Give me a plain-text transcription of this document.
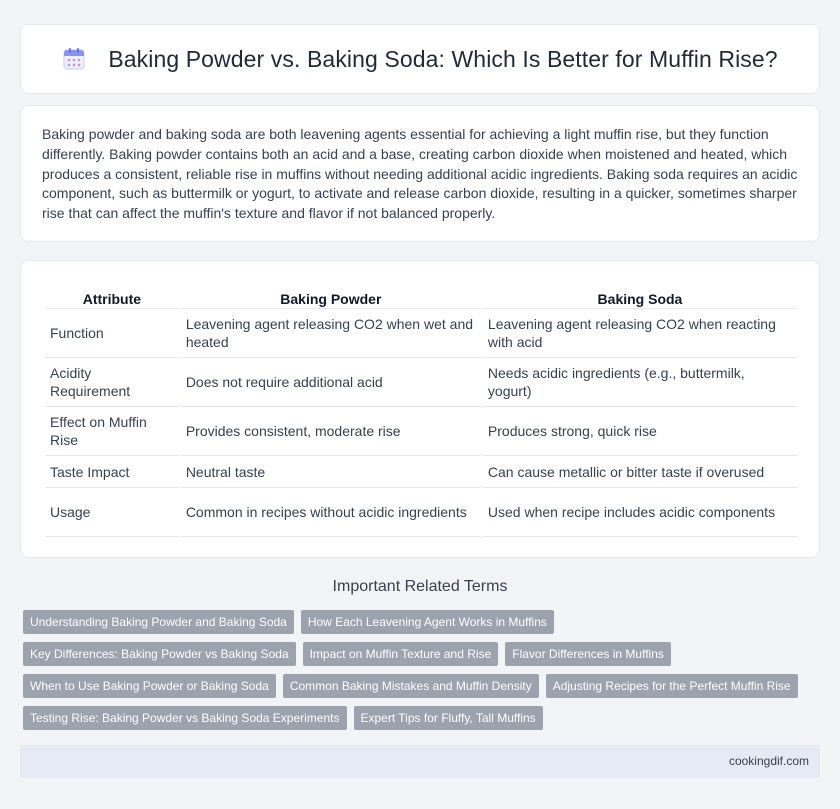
Baking Powder vs. Baking Soda: Which Is Better for Muffin Rise?

Baking powder and baking soda are both leavening agents essential for achieving a light muffin rise, but they function differently. Baking powder contains both an acid and a base, creating carbon dioxide when moistened and heated, which produces a consistent, reliable rise in muffins without needing additional acidic ingredients. Baking soda requires an acidic component, such as buttermilk or yogurt, to activate and release carbon dioxide, resulting in a quicker, sometimes sharper rise that can affect the muffin's texture and flavor if not balanced properly.

Attribute	Baking Powder	Baking Soda
Function	Leavening agent releasing CO2 when wet and heated	Leavening agent releasing CO2 when reacting with acid
Acidity Requirement	Does not require additional acid	Needs acidic ingredients (e.g., buttermilk, yogurt)
Effect on Muffin Rise	Provides consistent, moderate rise	Produces strong, quick rise
Taste Impact	Neutral taste	Can cause metallic or bitter taste if overused
Usage	Common in recipes without acidic ingredients	Used when recipe includes acidic components
Important Related Terms
Understanding Baking Powder and Baking Soda	How Each Leavening Agent Works in Muffins
Key Differences: Baking Powder vs Baking Soda	Impact on Muffin Texture and Rise	Flavor Differences in Muffins
When to Use Baking Powder or Baking Soda	Common Baking Mistakes and Muffin Density	Adjusting Recipes for the Perfect Muffin Rise
Testing Rise: Baking Powder vs Baking Soda Experiments	Expert Tips for Fluffy, Tall Muffins
cookingdif.com
